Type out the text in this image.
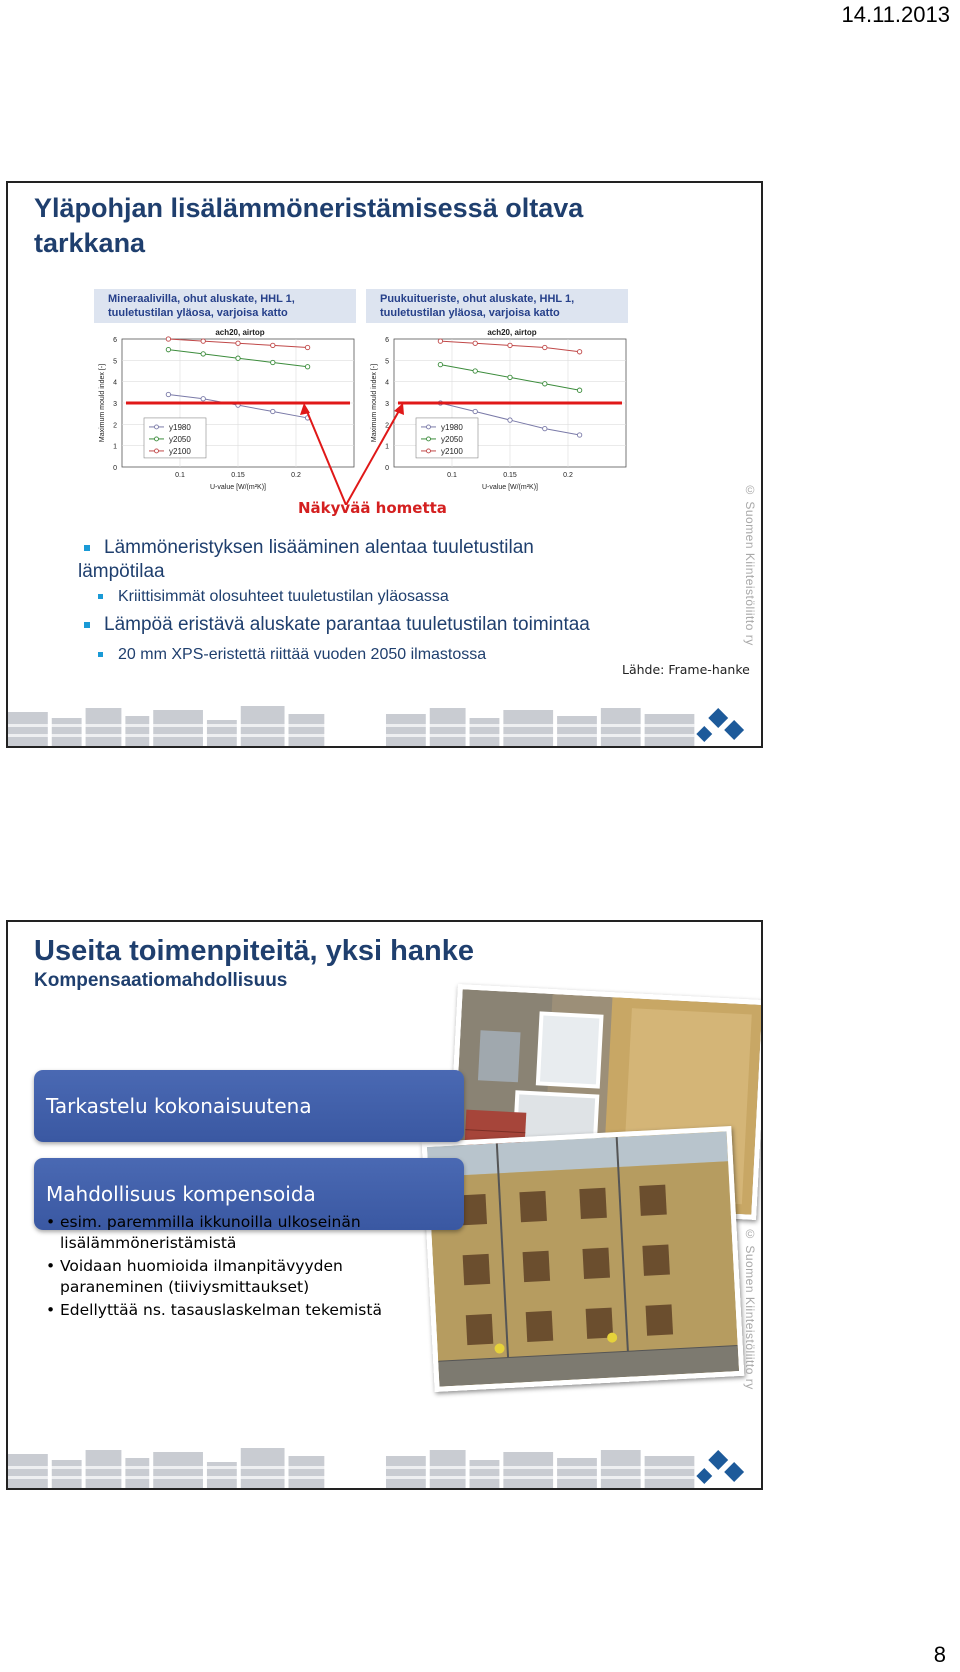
14.11.2013
Yläpohjan lisälämmöneristämisessä oltava tarkkana
Mineraalivilla, ohut aluskate, HHL 1,
tuuletustilan yläosa, varjoisa katto
ach20, airtop
0
1
2
3
4
5
6
0.1	0.15	0.2
U-value [W/(m²K)]
Maximum mould index [-]	y1980
y2050
y2100
Puukuitueriste, ohut aluskate, HHL 1,
tuuletustilan yläosa, varjoisa katto
ach20, airtop
0
1
2
3
4
5
6
0.1	0.15	0.2
U-value [W/(m²K)]
Maximum mould index [-]	y1980
y2050
y2100
Näkyvää hometta
Lämmöneristyksen lisääminen alentaa tuuletustilan lämpötilaa
Kriittisimmät olosuhteet tuuletustilan yläosassa
Lämpöä eristävä aluskate parantaa tuuletustilan toimintaa
20 mm XPS-eristettä riittää vuoden 2050 ilmastossa
Lähde: Frame-hanke
© Suomen Kiinteistöliitto ry
Useita toimenpiteitä, yksi hanke
Kompensaatiomahdollisuus
Tarkastelu kokonaisuutena
Mahdollisuus kompensoida
• esim. paremmilla ikkunoilla ulkoseinän lisälämmöneristämistä
• Voidaan huomioida ilmanpitävyyden paraneminen (tiiviysmittaukset)
• Edellyttää ns. tasauslaskelman tekemistä	© Suomen Kiinteistöliitto ry
8
